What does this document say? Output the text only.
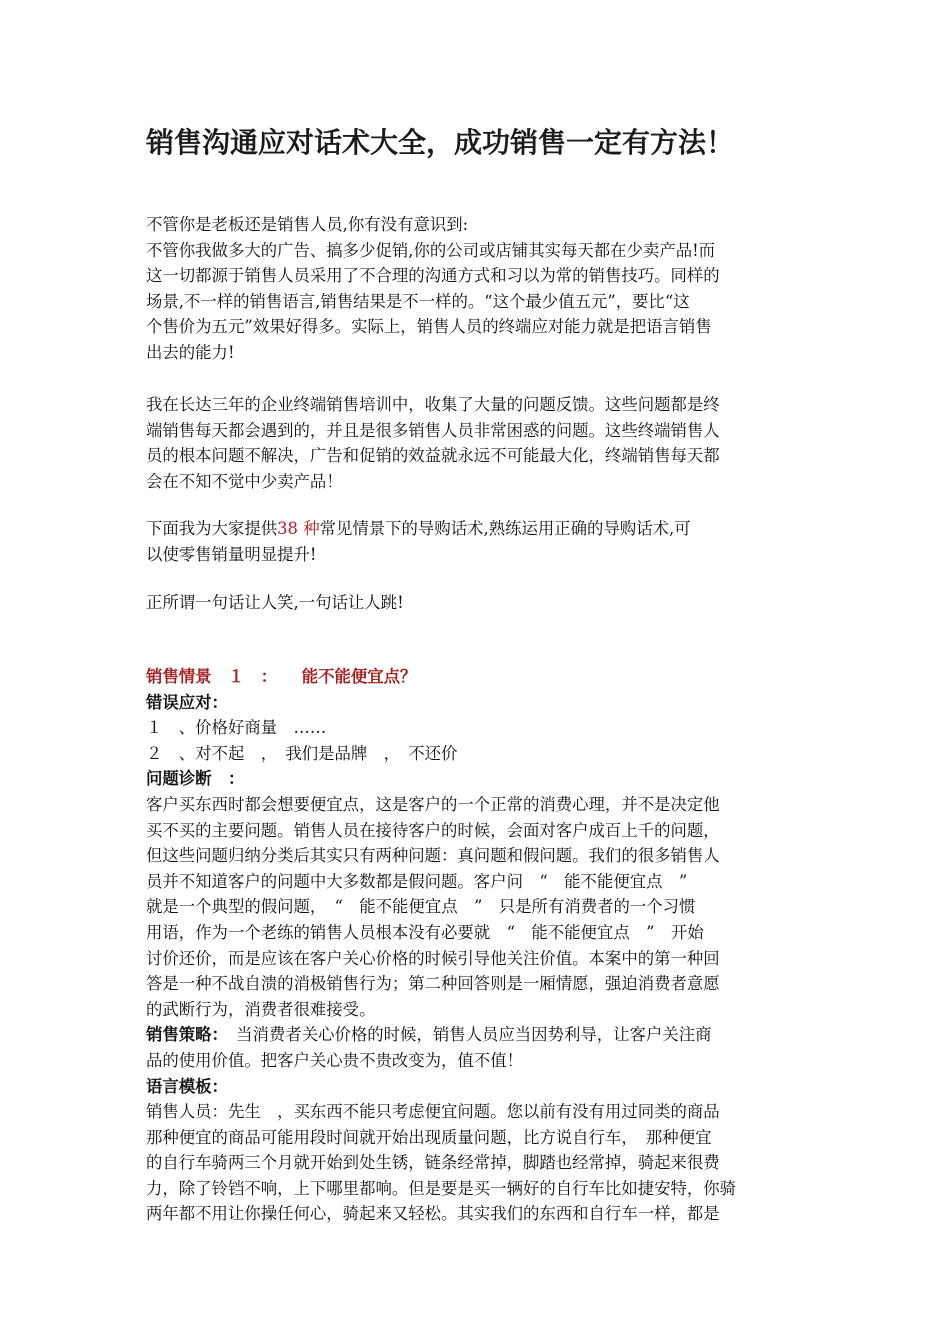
销售沟通应对话术大全，成功销售一定有方法！

不管你是老板还是销售人员,你有没有意识到:
不管你我做多大的广告、搞多少促销,你的公司或店铺其实每天都在少卖产品!而
这一切都源于销售人员采用了不合理的沟通方式和习以为常的销售技巧。同样的
场景,不一样的销售语言,销售结果是不一样的。“这个最少值五元”，要比“这
个售价为五元”效果好得多。实际上，销售人员的终端应对能力就是把语言销售
出去的能力!

我在长达三年的企业终端销售培训中，收集了大量的问题反馈。这些问题都是终
端销售每天都会遇到的，并且是很多销售人员非常困惑的问题。这些终端销售人
员的根本问题不解决，广告和促销的效益就永远不可能最大化，终端销售每天都
会在不知不觉中少卖产品！

下面我为大家提供38 种常见情景下的导购话术,熟练运用正确的导购话术,可
以使零售销量明显提升!

正所谓一句话让人笑,一句话让人跳!

销售情景　１　：　　能不能便宜点？
错误应对：
１　、价格好商量　……
２　、对不起　，　我们是品牌　，　不还价
问题诊断　：
客户买东西时都会想要便宜点，这是客户的一个正常的消费心理，并不是决定他
买不买的主要问题。销售人员在接待客户的时候，会面对客户成百上千的问题，
但这些问题归纳分类后其实只有两种问题：真问题和假问题。我们的很多销售人
员并不知道客户的问题中大多数都是假问题。客户问　“　能不能便宜点　”
就是一个典型的假问题，　“　能不能便宜点　”　只是所有消费者的一个习惯
用语，作为一个老练的销售人员根本没有必要就　“　能不能便宜点　”　开始
讨价还价，而是应该在客户关心价格的时候引导他关注价值。本案中的第一种回
答是一种不战自溃的消极销售行为；第二种回答则是一厢情愿，强迫消费者意愿
的武断行为，消费者很难接受。
销售策略：　当消费者关心价格的时候，销售人员应当因势利导，让客户关注商
品的使用价值。把客户关心贵不贵改变为，值不值！
语言模板：
销售人员：先生　，买东西不能只考虑便宜问题。您以前有没有用过同类的商品
那种便宜的商品可能用段时间就开始出现质量问题，比方说自行车，　那种便宜
的自行车骑两三个月就开始到处生锈，链条经常掉，脚踏也经常掉，骑起来很费
力，除了铃铛不响，上下哪里都响。但是要是买一辆好的自行车比如捷安特，你骑
两年都不用让你操任何心，骑起来又轻松。其实我们的东西和自行车一样，都是
